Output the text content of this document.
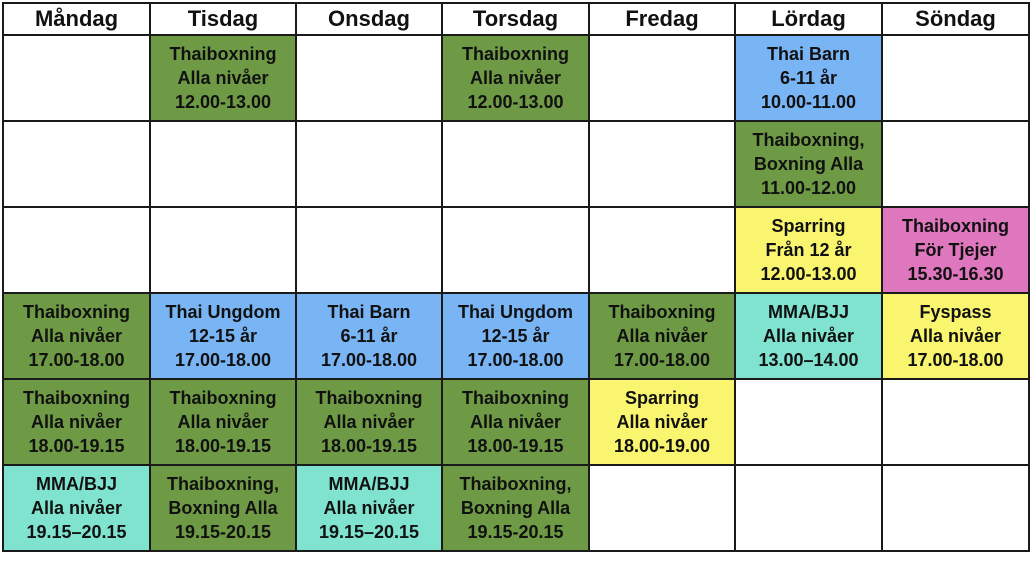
Måndag	Tisdag	Onsdag	Torsdag	Fredag	Lördag	Söndag

	Thaiboxning
Alla nivåer
12.00-13.00		Thaiboxning
Alla nivåer
12.00-13.00		Thai Barn
6-11 år
10.00-11.00	

					Thaiboxning,
Boxning Alla
11.00-12.00	

					Sparring
Från 12 år
12.00-13.00	Thaiboxning
För Tjejer
15.30-16.30

Thaiboxning
Alla nivåer
17.00-18.00	Thai Ungdom
12-15 år
17.00-18.00	Thai Barn
6-11 år
17.00-18.00	Thai Ungdom
12-15 år
17.00-18.00	Thaiboxning
Alla nivåer
17.00-18.00	MMA/BJJ
Alla nivåer
13.00–14.00	Fyspass
Alla nivåer
17.00-18.00

Thaiboxning
Alla nivåer
18.00-19.15	Thaiboxning
Alla nivåer
18.00-19.15	Thaiboxning
Alla nivåer
18.00-19.15	Thaiboxning
Alla nivåer
18.00-19.15	Sparring
Alla nivåer
18.00-19.00		

MMA/BJJ
Alla nivåer
19.15–20.15	Thaiboxning,
Boxning Alla
19.15-20.15	MMA/BJJ
Alla nivåer
19.15–20.15	Thaiboxning,
Boxning Alla
19.15-20.15			
